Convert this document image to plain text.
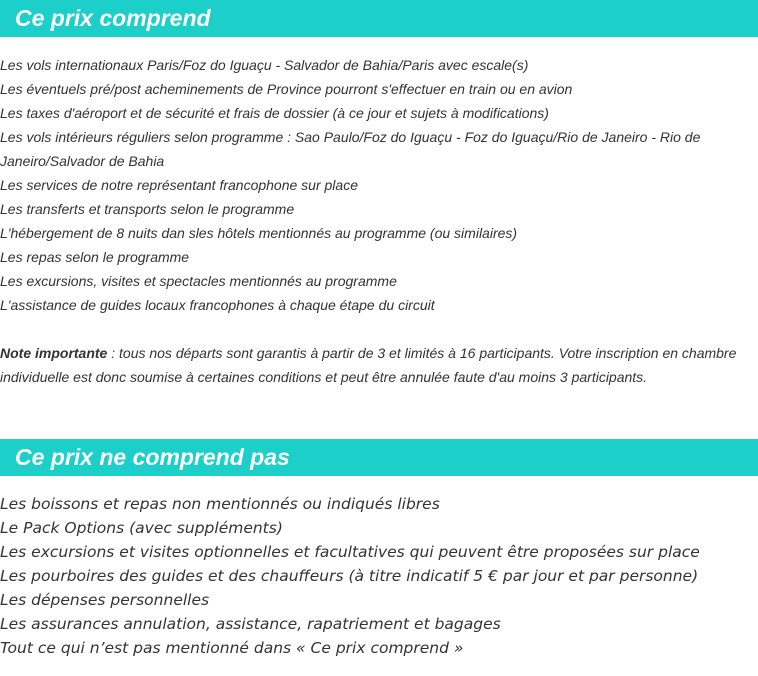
Ce prix comprend
Les vols internationaux Paris/Foz do Iguaçu - Salvador de Bahia/Paris avec escale(s)
Les éventuels pré/post acheminements de Province pourront s'effectuer en train ou en avion
Les taxes d'aéroport et de sécurité et frais de dossier (à ce jour et sujets à modifications)
Les vols intérieurs réguliers selon programme : Sao Paulo/Foz do Iguaçu - Foz do Iguaçu/Rio de Janeiro - Rio de Janeiro/Salvador de Bahia
Les services de notre représentant francophone sur place
Les transferts et transports selon le programme
L'hébergement de 8 nuits dan sles hôtels mentionnés au programme (ou similaires)
Les repas selon le programme
Les excursions, visites et spectacles mentionnés au programme
L'assistance de guides locaux francophones à chaque étape du circuit
Note importante : tous nos départs sont garantis à partir de 3 et limités à 16 participants. Votre inscription en chambre individuelle est donc soumise à certaines conditions et peut être annulée faute d'au moins 3 participants.
Ce prix ne comprend pas
Les boissons et repas non mentionnés ou indiqués libres
Le Pack Options (avec suppléments)
Les excursions et visites optionnelles et facultatives qui peuvent être proposées sur place
Les pourboires des guides et des chauffeurs (à titre indicatif 5 € par jour et par personne)
Les dépenses personnelles
Les assurances annulation, assistance, rapatriement et bagages
Tout ce qui n’est pas mentionné dans « Ce prix comprend »
